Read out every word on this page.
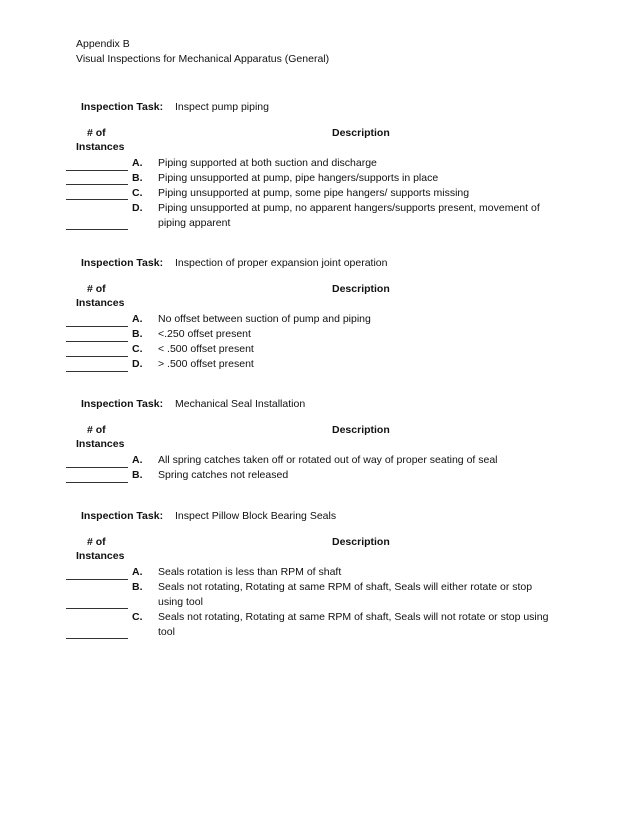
Appendix B
Visual Inspections for Mechanical Apparatus (General)
Inspection Task: Inspect pump piping
# of
Instances
Description
A. Piping supported at both suction and discharge
B. Piping unsupported at pump, pipe hangers/supports in place
C. Piping unsupported at pump, some pipe hangers/ supports missing
D. Piping unsupported at pump, no apparent hangers/supports present, movement of piping apparent
Inspection Task: Inspection of proper expansion joint operation
# of
Instances
Description
A. No offset between suction of pump and piping
B. <.250 offset present
C. < .500 offset present
D. > .500 offset present
Inspection Task: Mechanical Seal Installation
# of
Instances
Description
A. All spring catches taken off or rotated out of way of proper seating of seal
B. Spring catches not released
Inspection Task: Inspect Pillow Block Bearing Seals
# of
Instances
Description
A. Seals rotation is less than RPM of shaft
B. Seals not rotating, Rotating at same RPM of shaft, Seals will either rotate or stop using tool
C. Seals not rotating, Rotating at same RPM of shaft, Seals will not rotate or stop using tool
